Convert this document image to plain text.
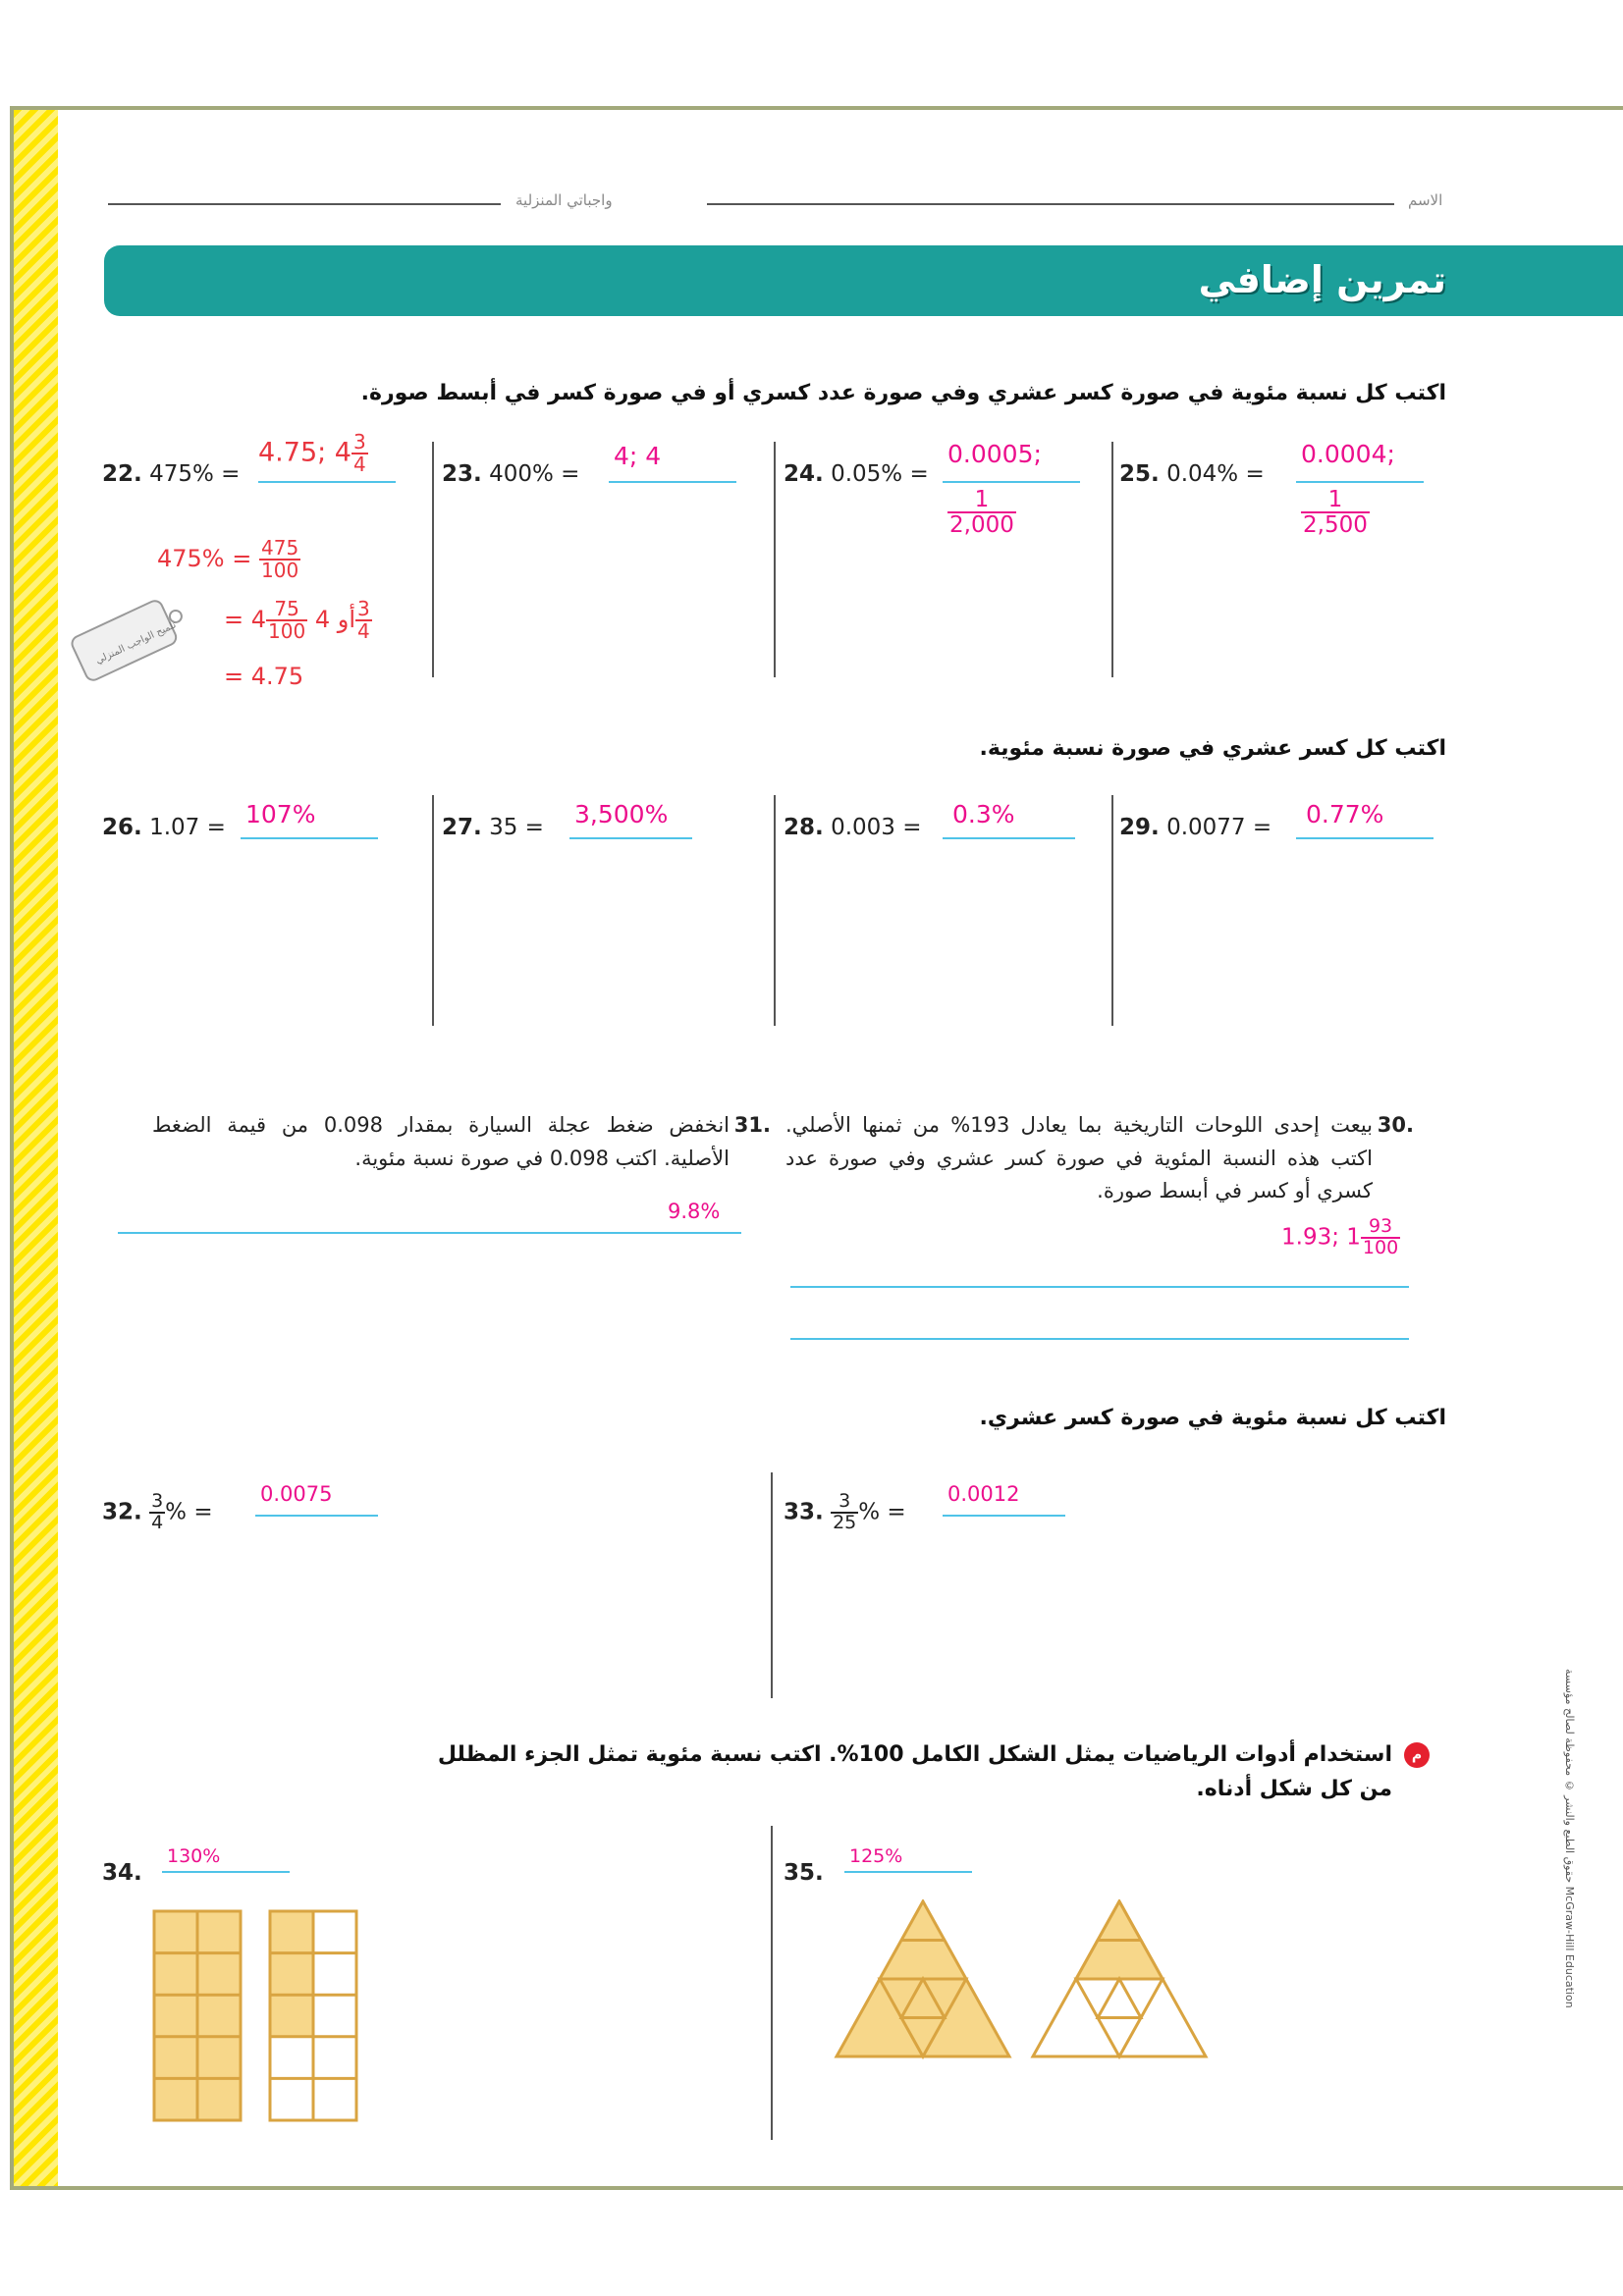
الاسم
واجباتي المنزلية
تمرين إضافي
اكتب كل نسبة مئوية في صورة كسر عشري وفي صورة عدد كسري أو في صورة كسر في أبسط صورة.
22. 475% =
4.75; $4 \frac{3}{4}$
$475\% = \frac{475}{100}$
= $4 \frac{75}{100}$ أو $4 \frac{3}{4}$
= 4.75
تلميح الواجب المنزلي
23. 400% =
4; 4
24. 0.05% =
0.0005;
$\frac{1}{2,000}$
25. 0.04% =
0.0004;
$\frac{1}{2,500}$
اكتب كل كسر عشري في صورة نسبة مئوية.
26. 1.07 = 107%	27. 35 = 3,500%	28. 0.003 = 0.3%	29. 0.0077 = 0.77%
30.
بيعت إحدى اللوحات التاريخية بما يعادل 193% من ثمنها الأصلي. اكتب هذه النسبة المئوية في صورة كسر عشري وفي صورة عدد كسري أو كسر في أبسط صورة.
1.93; $1 \frac{93}{100}$
31.
انخفض ضغط عجلة السيارة بمقدار 0.098 من قيمة الضغط الأصلية. اكتب 0.098 في صورة نسبة مئوية.
9.8%
اكتب كل نسبة مئوية في صورة كسر عشري.
32. $\frac{3}{4}$ % =
0.0075
33. $\frac{3}{25}$ % =
0.0012
م
استخدام أدوات الرياضيات يمثل الشكل الكامل 100%. اكتب نسبة مئوية تمثل الجزء المظلل من كل شكل أدناه.
34.
130%
35.
125%	حقوق الطبع والنشر © محفوظة لصالح مؤسسة McGraw-Hill Education
